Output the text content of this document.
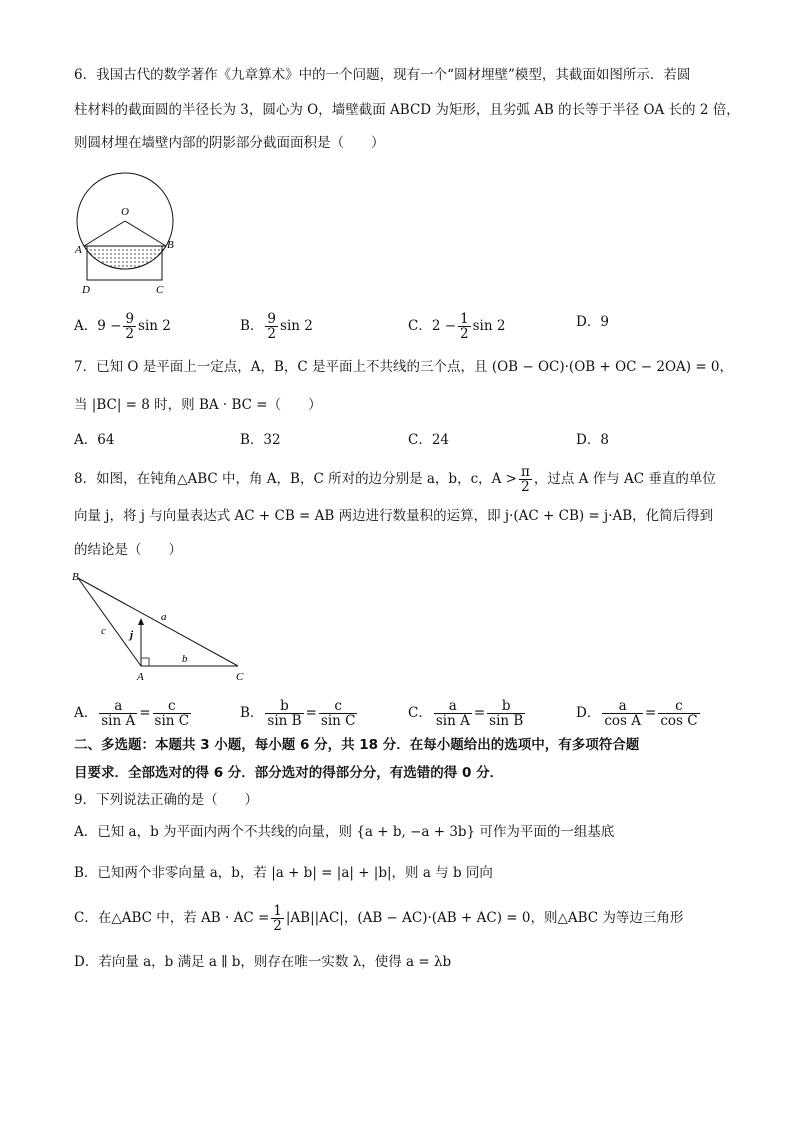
6．我国古代的数学著作《九章算术》中的一个问题，现有一个“圆材埋壁”模型，其截面如图所示．若圆
柱材料的截面圆的半径长为 3，圆心为 O，墙壁截面 ABCD 为矩形，且劣弧 AB 的长等于半径 OA 长的 2 倍，
则圆材埋在墙壁内部的阴影部分截面面积是（　　）
O
A	B
D	C
A．$9 - \frac{9}{2}$ sin 2	B． $\frac{9}{2}$ sin 2	C．$2 - \frac{1}{2}$ sin 2	D．9
7．已知 O 是平面上一定点，A，B，C 是平面上不共线的三个点，且 (OB − OC)·(OB + OC − 2OA) = 0，
当 |BC| = 8 时，则 BA · BC =（　　）
A．64	B．32	C．24	D．8
8．如图，在钝角△ABC 中，角 A，B，C 所对的边分别是 a，b，c，$A > \frac{\pi}{2}$ ，过点 A 作与 AC 垂直的单位
向量 j，将 j 与向量表达式 AC + CB = AB 两边进行数量积的运算，即 j·(AC + CB) = j·AB，化简后得到
的结论是（　　）
B
A	C
a
b
c j
A． $\frac{a}{\text{sin A}} = \frac{c}{\text{sin C}}$	B． $\frac{b}{\text{sin B}} = \frac{c}{\text{sin C}}$	C． $\frac{a}{\text{sin A}} = \frac{b}{\text{sin B}}$	D． $\frac{a}{\text{cos A}} = \frac{c}{\text{cos C}}$
二、多选题：本题共 3 小题，每小题 6 分，共 18 分．在每小题给出的选项中，有多项符合题
目要求．全部选对的得 6 分．部分选对的得部分分，有选错的得 0 分．
9．下列说法正确的是（　　）
A．已知 a，b 为平面内两个不共线的向量，则 {a + b, −a + 3b} 可作为平面的一组基底
B．已知两个非零向量 a，b，若 |a + b| = |a| + |b|，则 a 与 b 同向
C．在△ABC 中，若 AB · AC = $\frac{1}{2} |AB||AC|$，(AB − AC)·(AB + AC) = 0，则△ABC 为等边三角形
D．若向量 a，b 满足 a ∥ b，则存在唯一实数 λ，使得 a = λb
